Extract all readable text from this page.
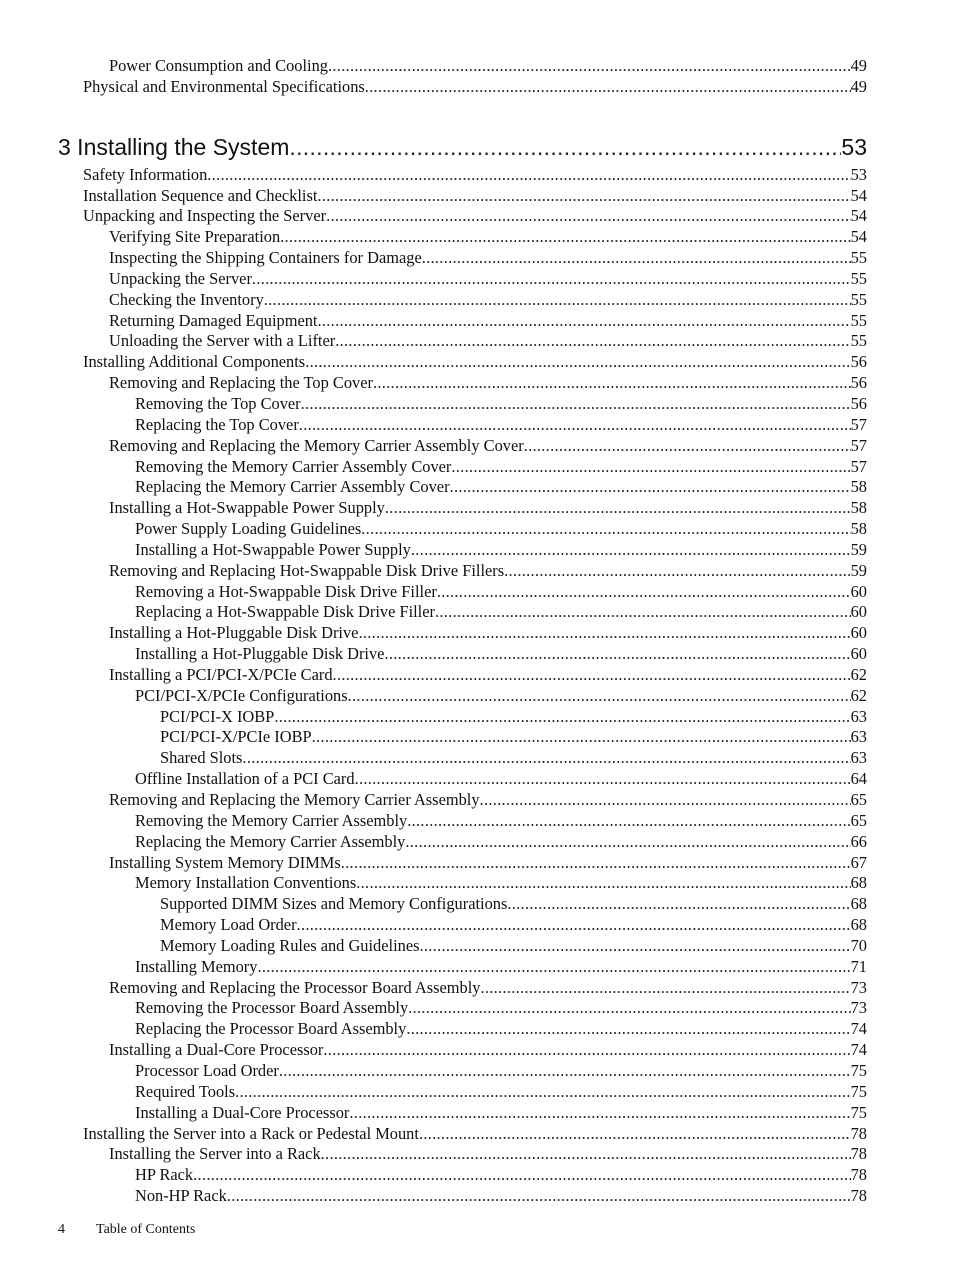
Power Consumption and Cooling .....	49
Physical and Environmental Specifications .....	49
3 Installing the System .....	53
Safety Information .....	53
Installation Sequence and Checklist .....	54
Unpacking and Inspecting the Server .....	54
Verifying Site Preparation .....	54
Inspecting the Shipping Containers for Damage .....	55
Unpacking the Server .....	55
Checking the Inventory .....	55
Returning Damaged Equipment .....	55
Unloading the Server with a Lifter .....	55
Installing Additional Components .....	56
Removing and Replacing the Top Cover .....	56
Removing the Top Cover .....	56
Replacing the Top Cover .....	57
Removing and Replacing the Memory Carrier Assembly Cover .....	57
Removing the Memory Carrier Assembly Cover .....	57
Replacing the Memory Carrier Assembly Cover .....	58
Installing a Hot-Swappable Power Supply .....	58
Power Supply Loading Guidelines .....	58
Installing a Hot-Swappable Power Supply .....	59
Removing and Replacing Hot-Swappable Disk Drive Fillers .....	59
Removing a Hot-Swappable Disk Drive Filler .....	60
Replacing a Hot-Swappable Disk Drive Filler .....	60
Installing a Hot-Pluggable Disk Drive .....	60
Installing a Hot-Pluggable Disk Drive .....	60
Installing a PCI/PCI-X/PCIe Card .....	62
PCI/PCI-X/PCIe Configurations .....	62
PCI/PCI-X IOBP .....	63
PCI/PCI-X/PCIe IOBP .....	63
Shared Slots .....	63
Offline Installation of a PCI Card .....	64
Removing and Replacing the Memory Carrier Assembly .....	65
Removing the Memory Carrier Assembly .....	65
Replacing the Memory Carrier Assembly .....	66
Installing System Memory DIMMs .....	67
Memory Installation Conventions .....	68
Supported DIMM Sizes and Memory Configurations .....	68
Memory Load Order .....	68
Memory Loading Rules and Guidelines .....	70
Installing Memory .....	71
Removing and Replacing the Processor Board Assembly .....	73
Removing the Processor Board Assembly .....	73
Replacing the Processor Board Assembly .....	74
Installing a Dual-Core Processor .....	74
Processor Load Order .....	75
Required Tools .....	75
Installing a Dual-Core Processor .....	75
Installing the Server into a Rack or Pedestal Mount .....	78
Installing the Server into a Rack .....	78
HP Rack .....	78
Non-HP Rack .....	78
4 Table of Contents
